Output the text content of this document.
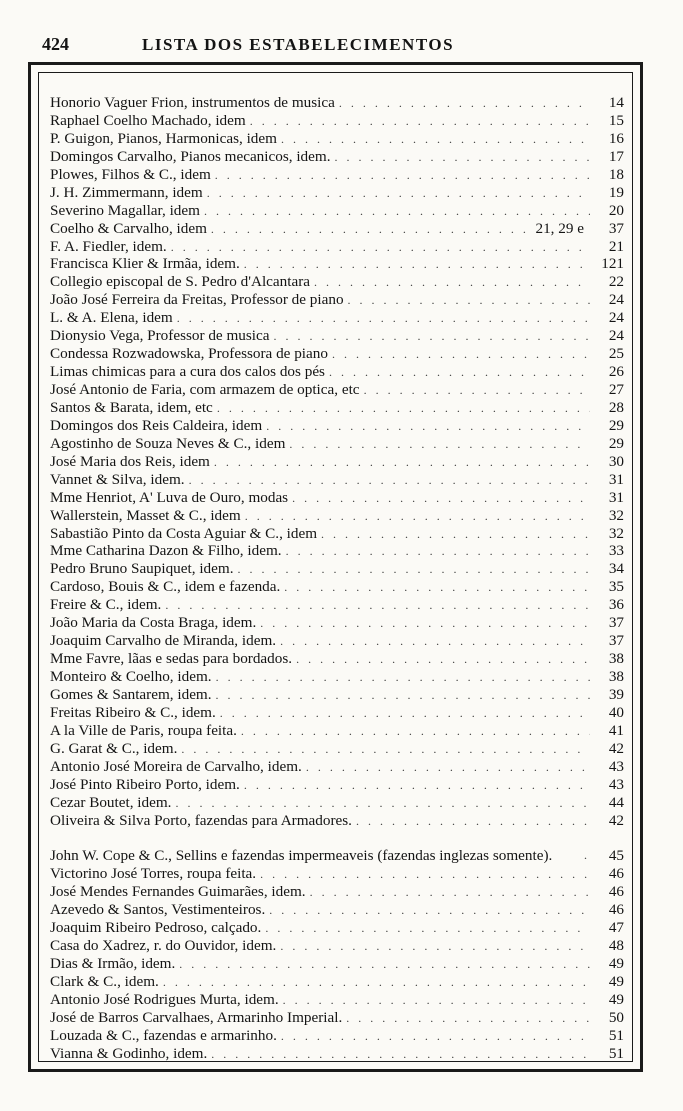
424	LISTA DOS ESTABELECIMENTOS
Honorio Vaguer Frion, instrumentos de musica . . .	14
Raphael Coelho Machado, idem . . .	15
P. Guigon, Pianos, Harmonicas, idem . . .	16
Domingos Carvalho, Pianos mecanicos, idem. . . .	17
Plowes, Filhos & C., idem . . .	18
J. H. Zimmermann, idem . . .	19
Severino Magallar, idem . . .	20
Coelho & Carvalho, idem . . .	21, 29 e	37
F. A. Fiedler, idem. . . .	21
Francisca Klier & Irmãa, idem. . . .	121
Collegio episcopal de S. Pedro d'Alcantara . . .	22
João José Ferreira da Freitas, Professor de piano . . .	24
L. & A. Elena, idem . . .	24
Dionysio Vega, Professor de musica . . .	24
Condessa Rozwadowska, Professora de piano . . .	25
Limas chimicas para a cura dos calos dos pés . . .	26
José Antonio de Faria, com armazem de optica, etc . . .	27
Santos & Barata, idem, etc . . .	28
Domingos dos Reis Caldeira, idem . . .	29
Agostinho de Souza Neves & C., idem . . .	29
José Maria dos Reis, idem . . .	30
Vannet & Silva, idem. . . .	31
Mme Henriot, A' Luva de Ouro, modas . . .	31
Wallerstein, Masset & C., idem . . .	32
Sabastião Pinto da Costa Aguiar & C., idem . . .	32
Mme Catharina Dazon & Filho, idem. . . .	33
Pedro Bruno Saupiquet, idem. . . .	34
Cardoso, Bouis & C., idem e fazenda. . . .	35
Freire & C., idem. . . .	36
João Maria da Costa Braga, idem. . . .	37
Joaquim Carvalho de Miranda, idem. . . .	37
Mme Favre, lãas e sedas para bordados. . . .	38
Monteiro & Coelho, idem. . . .	38
Gomes & Santarem, idem. . . .	39
Freitas Ribeiro & C., idem. . . .	40
A la Ville de Paris, roupa feita. . . .	41
G. Garat & C., idem. . . .	42
Antonio José Moreira de Carvalho, idem. . . .	43
José Pinto Ribeiro Porto, idem. . . .	43
Cezar Boutet, idem. . . .	44
Oliveira & Silva Porto, fazendas para Armadores. . . .	42
John W. Cope & C., Sellins e fazendas impermeaveis (fazendas inglezas somente). . . .	45
Victorino José Torres, roupa feita. . . .	46
José Mendes Fernandes Guimarães, idem. . . .	46
Azevedo & Santos, Vestimenteiros. . . .	46
Joaquim Ribeiro Pedroso, calçado. . . .	47
Casa do Xadrez, r. do Ouvidor, idem. . . .	48
Dias & Irmão, idem. . . .	49
Clark & C., idem. . . .	49
Antonio José Rodrigues Murta, idem. . . .	49
José de Barros Carvalhaes, Armarinho Imperial. . . .	50
Louzada & C., fazendas e armarinho. . . .	51
Vianna & Godinho, idem. . . .	51
